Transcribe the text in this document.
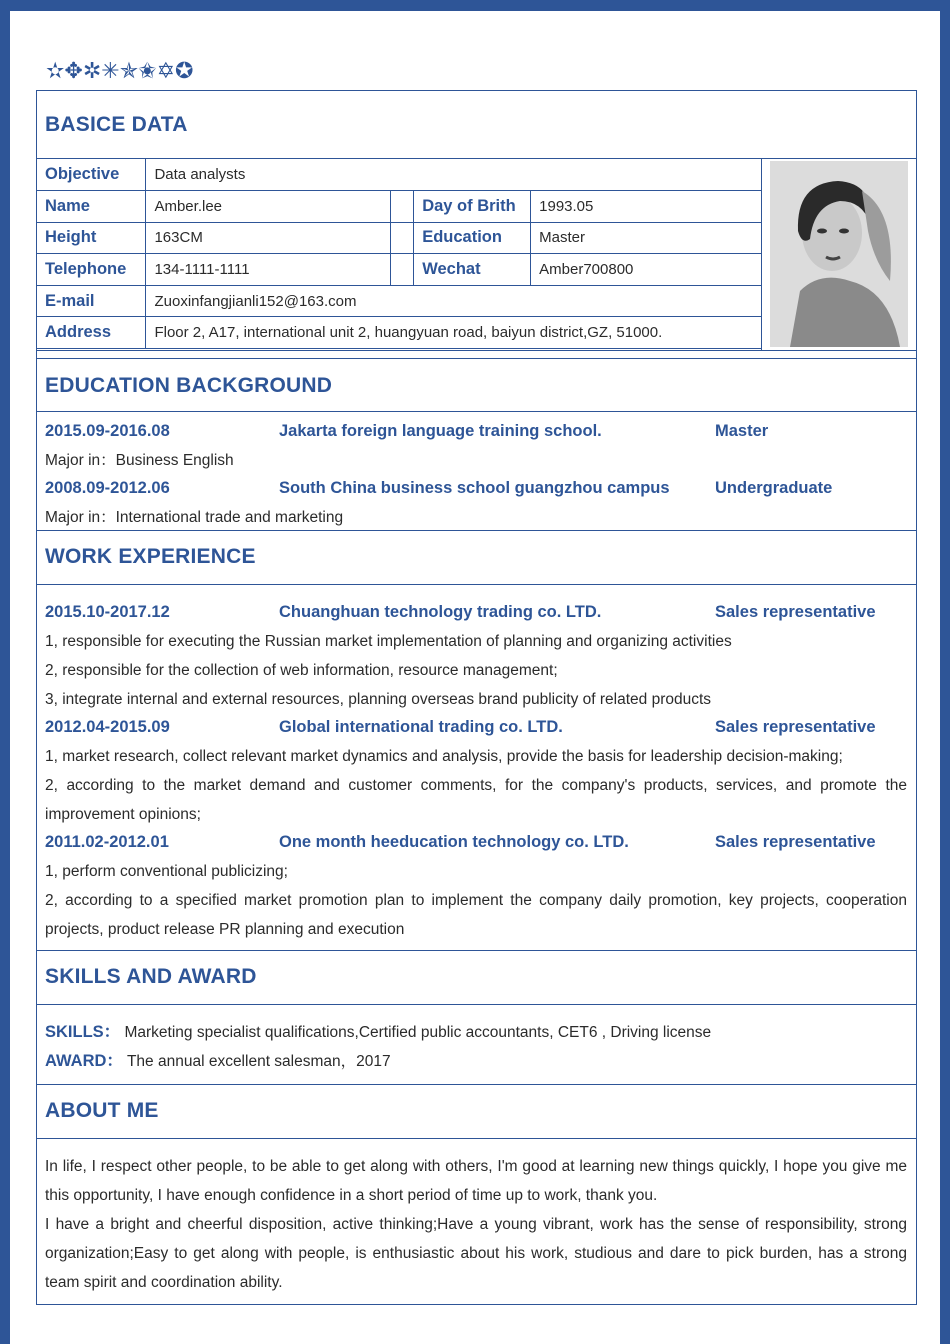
✫✥✲✳✯✬✡✪
BASICE DATA
Objective	Data analysts			
Name	Amber.lee		Day of Brith	1993.05
Height	163CM		Education	Master
Telephone	134-1111-1111		Wechat	Amber700800
E-mail	Zuoxinfangjianli152@163.com			
Address	Floor 2, A17, international unit 2, huangyuan road, baiyun district,GZ, 51000.			
EDUCATION BACKGROUND
2015.09-2016.08	Jakarta foreign language training school.	Master
Major in：Business English
2008.09-2012.06	South China business school guangzhou campus	Undergraduate
Major in：International trade and marketing
WORK EXPERIENCE
2015.10-2017.12	Chuanghuan technology trading co. LTD.	Sales representative
1, responsible for executing the Russian market implementation of planning and organizing activities
2, responsible for the collection of web information, resource management;
3, integrate internal and external resources, planning overseas brand publicity of related products
2012.04-2015.09	Global international trading co. LTD.	Sales representative
1, market research, collect relevant market dynamics and analysis, provide the basis for leadership decision-making;
2, according to the market demand and customer comments, for the company's products, services, and promote the improvement opinions;
2011.02-2012.01	One month heeducation technology co. LTD.	Sales representative
1, perform conventional publicizing;
2, according to a specified market promotion plan to implement the company daily promotion, key projects, cooperation projects, product release PR planning and execution
SKILLS AND AWARD
SKILLS： Marketing specialist qualifications,Certified public accountants, CET6 , Driving license
AWARD： The annual excellent salesman，2017
ABOUT ME
In life, I respect other people, to be able to get along with others, I'm good at learning new things quickly, I hope you give me this opportunity, I have enough confidence in a short period of time up to work, thank you.
I have a bright and cheerful disposition, active thinking;Have a young vibrant, work has the sense of responsibility, strong organization;Easy to get along with people, is enthusiastic about his work, studious and dare to pick burden, has a strong team spirit and coordination ability.
